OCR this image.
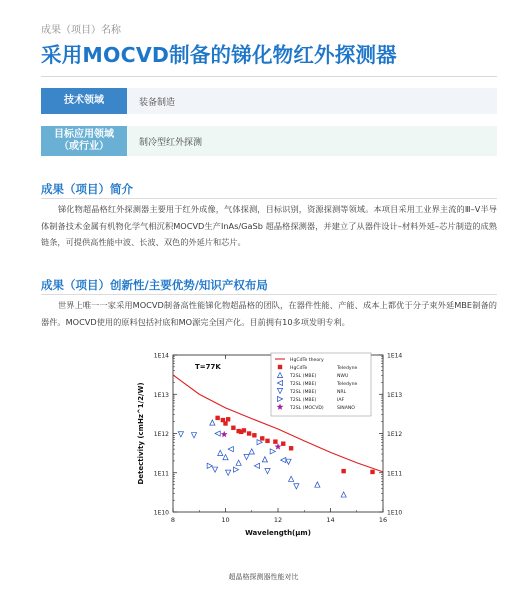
成果（项目）名称
采用MOCVD制备的锑化物红外探测器
技术领域	装备制造
目标应用领域
（或行业）	制冷型红外探测
成果（项目）简介
锑化物超晶格红外探测器主要用于红外成像，气体探测，目标识别，资源探测等领域。本项目采用工业界主流的Ⅲ–Ⅴ半导体制备技术金属有机物化学气相沉积MOCVD生产InAs/GaSb 超晶格探测器，并建立了从器件设计–材料外延–芯片制造的成熟链条，可提供高性能中波、长波、双色的外延片和芯片。
成果（项目）创新性/主要优势/知识产权布局
世界上唯一一家采用MOCVD制备高性能锑化物超晶格的团队，在器件性能、产能、成本上都优于分子束外延MBE制备的器件。MOCVD使用的原料包括衬底和MO源完全国产化。目前拥有10多项发明专利。
1E10	1E10
1E11	1E11
1E12	1E12
1E13	1E13
1E14	1E14
8	10	12	14	16
Wavelength(μm)
Detectivity (cmHz^1/2/W)
T=77K
HgCdTe theory
HgCdTe	Teledyne
T2SL (MBE)	NWU
T2SL (MBE)	Teledyne
T2SL (MBE)	NRL
T2SL (MBE)	IAF
T2SL (MOCVD)	SINANO
超晶格探测器性能对比
